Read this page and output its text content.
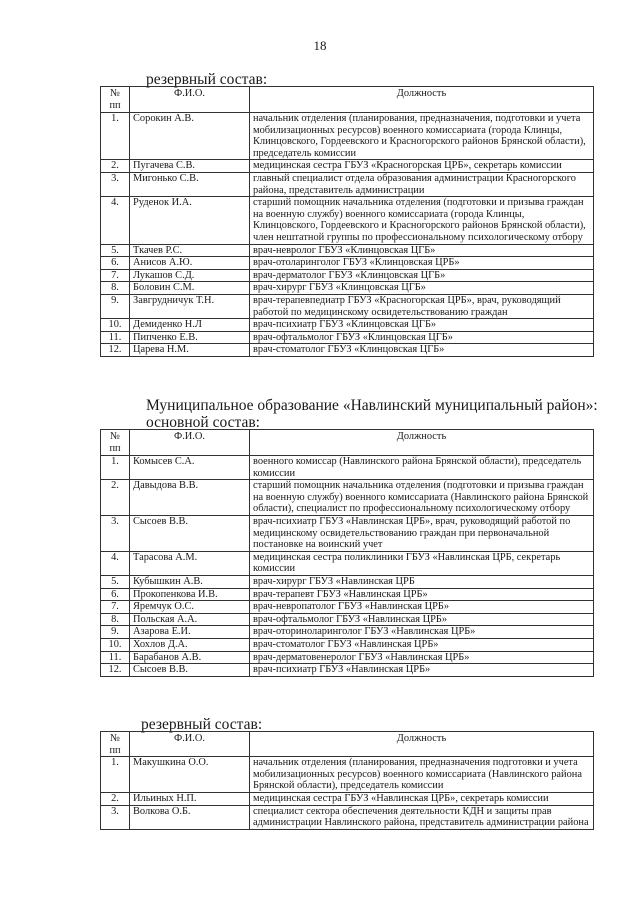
18
резервный состав:
№
пп	Ф.И.О.	Должность
1.	Сорокин А.В.	начальник отделения (планирования, предназначения, подготовки и учета мобилизационных ресурсов) военного комиссариата (города Клинцы, Клинцовского, Гордеевского и Красногорского районов Брянской области), председатель комиссии
2.	Пугачева С.В.	медицинская сестра ГБУЗ «Красногорская ЦРБ», секретарь комиссии
3.	Мигонько С.В.	главный специалист отдела образования администрации Красногорского района, представитель администрации
4.	Руденок И.А.	старший помощник начальника отделения (подготовки и призыва граждан на военную службу) военного комиссариата (города Клинцы, Клинцовского, Гордеевского и Красногорского районов Брянской области), член нештатной группы по профессиональному психологическому отбору
5.	Ткачев Р.С.	врач-невролог ГБУЗ «Клинцовская ЦГБ»
6.	Анисов А.Ю.	врач-отоларинголог ГБУЗ «Клинцовская ЦРБ»
7.	Лукашов С.Д.	врач-дерматолог ГБУЗ «Клинцовская ЦГБ»
8.	Боловин С.М.	врач-хирург ГБУЗ «Клинцовская ЦГБ»
9.	Завгрудничук Т.Н.	врач-терапевпедиатр ГБУЗ «Красногорская ЦРБ», врач, руководящий работой по медицинскому освидетельствованию граждан
10.	Демиденко Н.Л	врач-психиатр ГБУЗ «Клинцовская ЦГБ»
11.	Пипченко Е.В.	врач-офтальмолог ГБУЗ «Клинцовская ЦГБ»
12.	Царева Н.М.	врач-стоматолог ГБУЗ «Клинцовская ЦГБ»
Муниципальное образование «Навлинский муниципальный район»:
основной состав:
№
пп	Ф.И.О.	Должность
1.	Комысев С.А.	военного комиссар (Навлинского района Брянской области), председатель комиссии
2.	Давыдова В.В.	старший помощник начальника отделения (подготовки и призыва граждан на военную службу) военного комиссариата (Навлинского района Брянской области), специалист по профессиональному психологическому отбору
3.	Сысоев В.В.	врач-психиатр ГБУЗ «Навлинская ЦРБ», врач, руководящий работой по медицинскому освидетельствованию граждан при первоначальной постановке на воинский учет
4.	Тарасова А.М.	медицинская сестра поликлиники ГБУЗ «Навлинская ЦРБ, секретарь комиссии
5.	Кубышкин А.В.	врач-хирург ГБУЗ «Навлинская ЦРБ
6.	Прокопенкова И.В.	врач-терапевт ГБУЗ «Навлинская ЦРБ»
7.	Яремчук О.С.	врач-невропатолог ГБУЗ «Навлинская ЦРБ»
8.	Польская А.А.	врач-офтальмолог ГБУЗ «Навлинская ЦРБ»
9.	Азарова Е.И.	врач-оториноларинголог ГБУЗ «Навлинская ЦРБ»
10.	Хохлов Д.А.	врач-стоматолог ГБУЗ «Навлинская ЦРБ»
11.	Барабанов А.В.	врач-дерматовенеролог ГБУЗ «Навлинская ЦРБ»
12.	Сысоев В.В.	врач-психиатр ГБУЗ «Навлинская ЦРБ»
резервный состав:
№
пп	Ф.И.О.	Должность
1.	Макушкина О.О.	начальник отделения (планирования, предназначения подготовки и учета мобилизационных ресурсов) военного комиссариата (Навлинского района Брянской области), председатель комиссии
2.	Ильиных Н.П.	медицинская сестра ГБУЗ «Навлинская ЦРБ», секретарь комиссии
3.	Волкова О.Б.	специалист сектора обеспечения деятельности КДН и защиты прав администрации Навлинского района, представитель администрации района
